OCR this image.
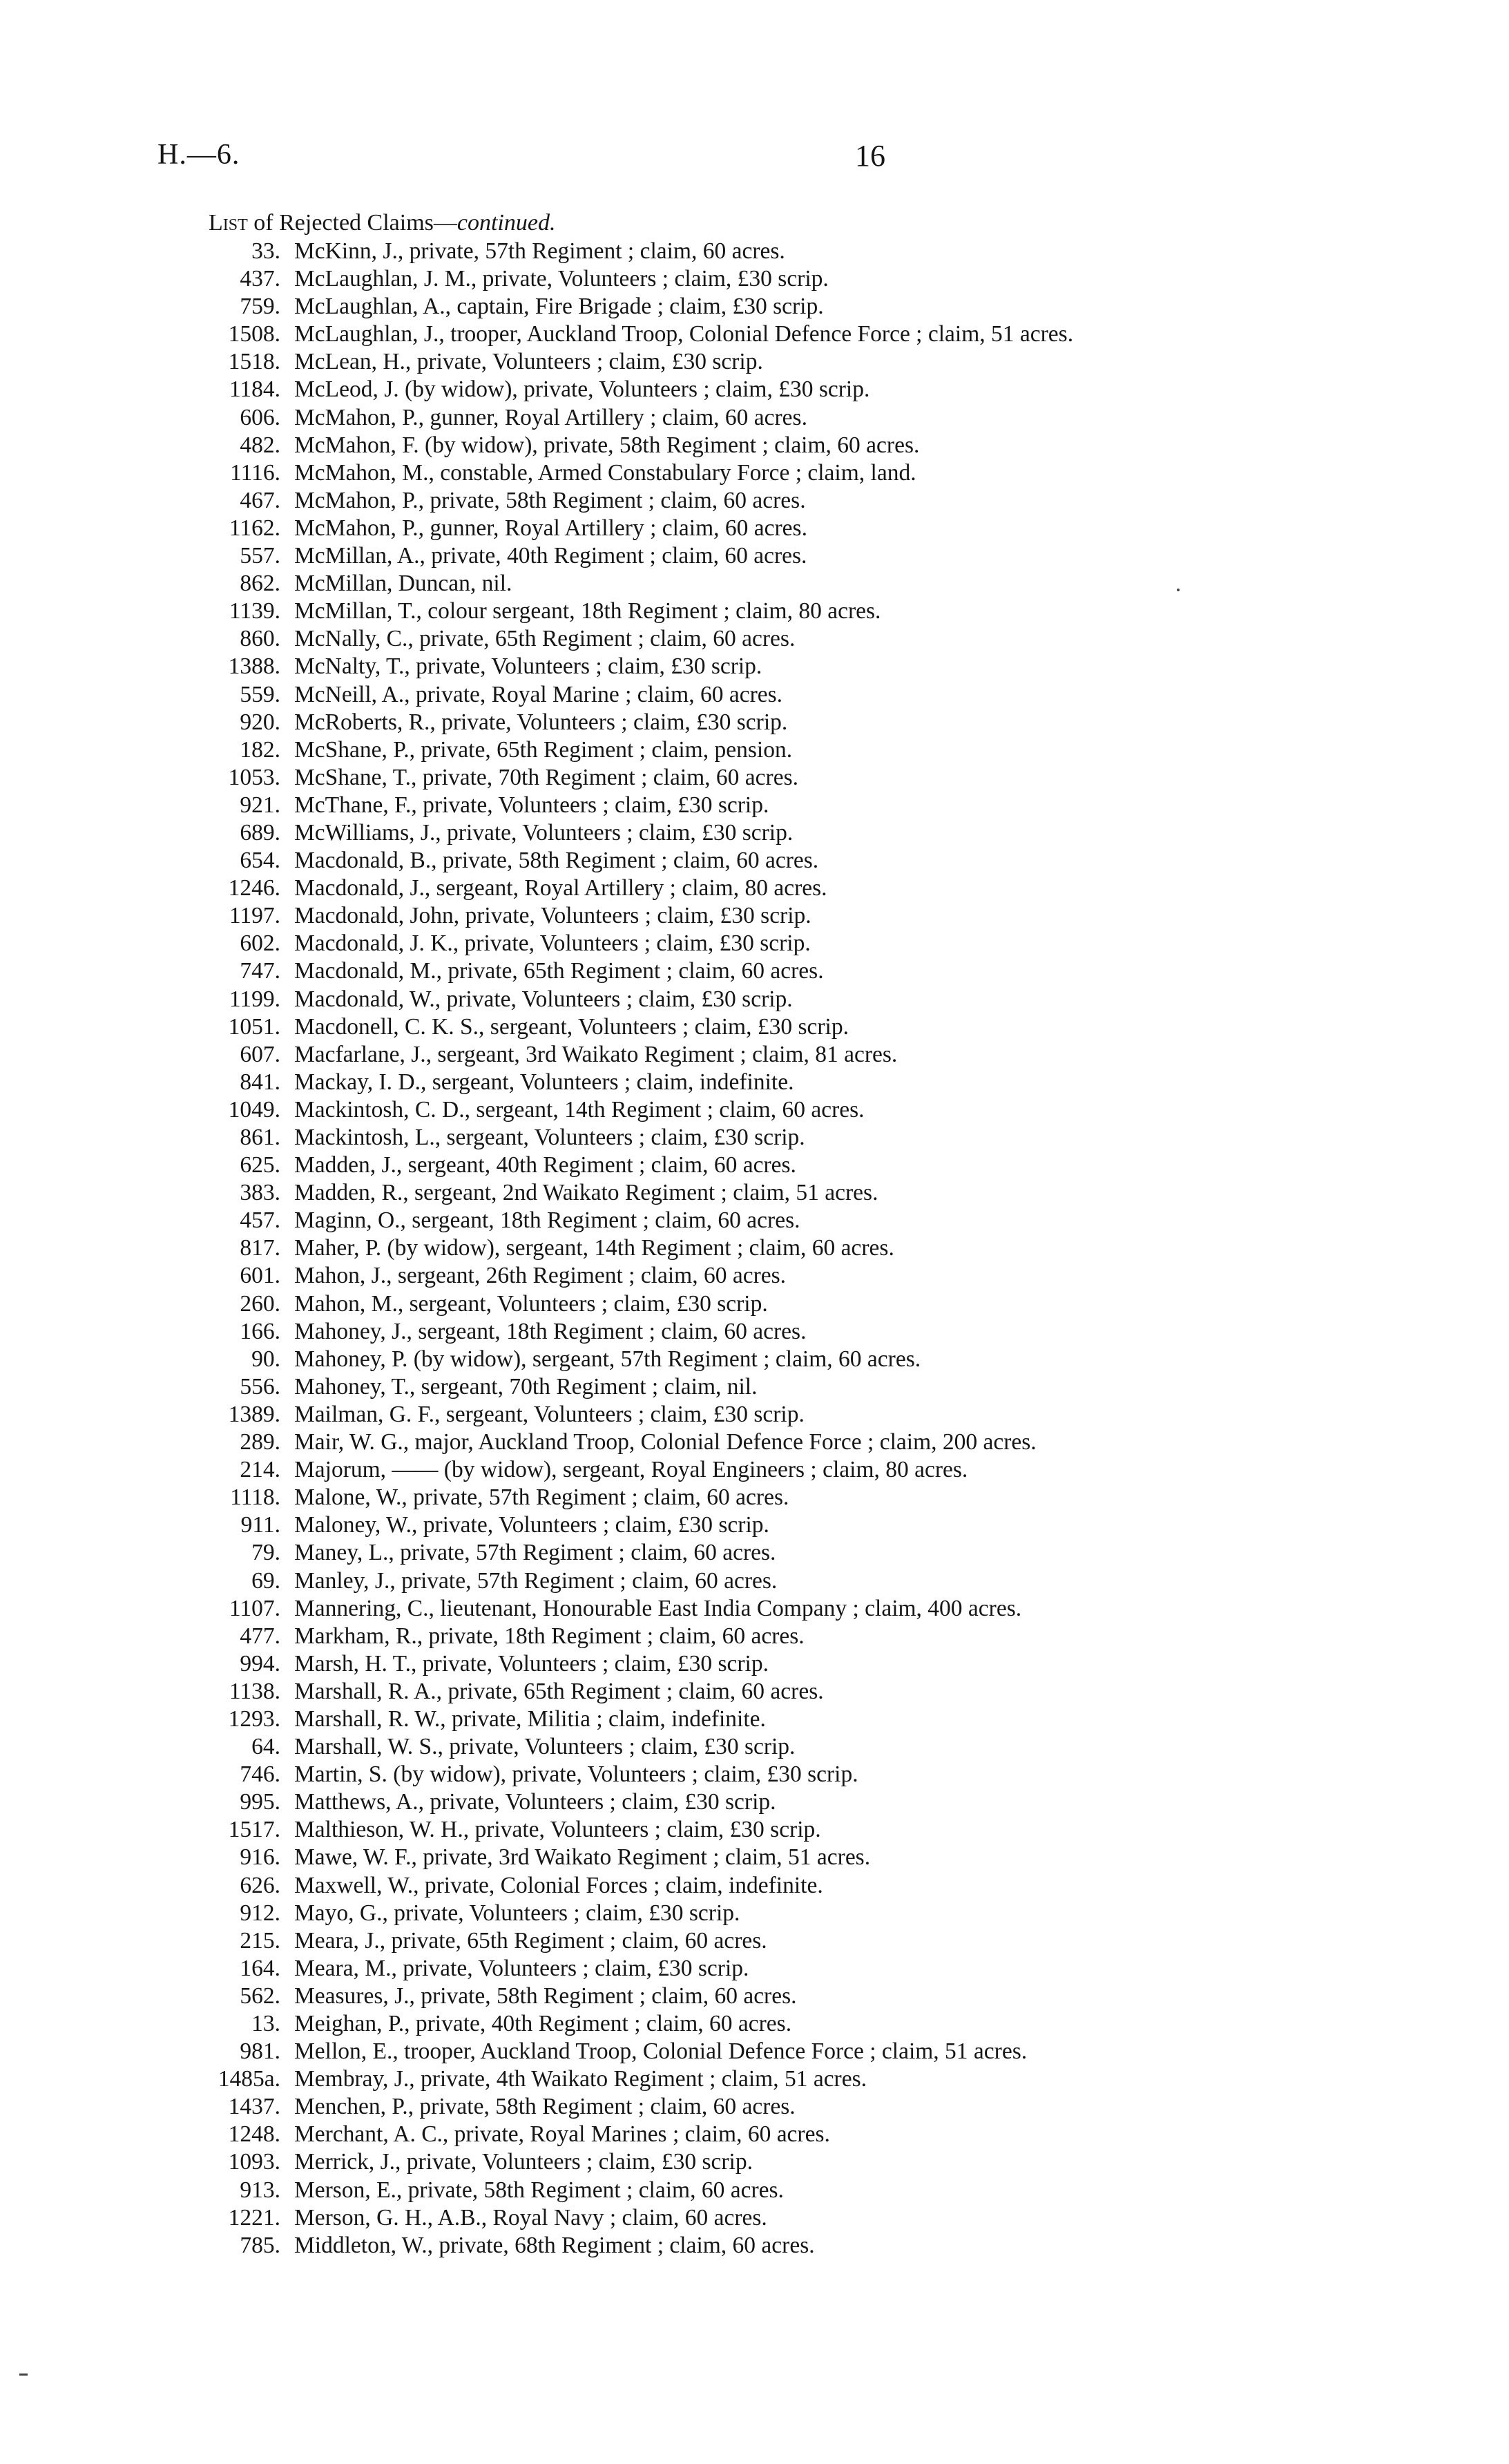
H.—6.	16
List of Rejected Claims—continued.
33. McKinn, J., private, 57th Regiment ; claim, 60 acres.
437. McLaughlan, J. M., private, Volunteers ; claim, £30 scrip.
759. McLaughlan, A., captain, Fire Brigade ; claim, £30 scrip.
1508. McLaughlan, J., trooper, Auckland Troop, Colonial Defence Force ; claim, 51 acres.
1518. McLean, H., private, Volunteers ; claim, £30 scrip.
1184. McLeod, J. (by widow), private, Volunteers ; claim, £30 scrip.
606. McMahon, P., gunner, Royal Artillery ; claim, 60 acres.
482. McMahon, F. (by widow), private, 58th Regiment ; claim, 60 acres.
1116. McMahon, M., constable, Armed Constabulary Force ; claim, land.
467. McMahon, P., private, 58th Regiment ; claim, 60 acres.
1162. McMahon, P., gunner, Royal Artillery ; claim, 60 acres.
557. McMillan, A., private, 40th Regiment ; claim, 60 acres.
862. McMillan, Duncan, nil.
1139. McMillan, T., colour sergeant, 18th Regiment ; claim, 80 acres.
860. McNally, C., private, 65th Regiment ; claim, 60 acres.
1388. McNalty, T., private, Volunteers ; claim, £30 scrip.
559. McNeill, A., private, Royal Marine ; claim, 60 acres.
920. McRoberts, R., private, Volunteers ; claim, £30 scrip.
182. McShane, P., private, 65th Regiment ; claim, pension.
1053. McShane, T., private, 70th Regiment ; claim, 60 acres.
921. McThane, F., private, Volunteers ; claim, £30 scrip.
689. McWilliams, J., private, Volunteers ; claim, £30 scrip.
654. Macdonald, B., private, 58th Regiment ; claim, 60 acres.
1246. Macdonald, J., sergeant, Royal Artillery ; claim, 80 acres.
1197. Macdonald, John, private, Volunteers ; claim, £30 scrip.
602. Macdonald, J. K., private, Volunteers ; claim, £30 scrip.
747. Macdonald, M., private, 65th Regiment ; claim, 60 acres.
1199. Macdonald, W., private, Volunteers ; claim, £30 scrip.
1051. Macdonell, C. K. S., sergeant, Volunteers ; claim, £30 scrip.
607. Macfarlane, J., sergeant, 3rd Waikato Regiment ; claim, 81 acres.
841. Mackay, I. D., sergeant, Volunteers ; claim, indefinite.
1049. Mackintosh, C. D., sergeant, 14th Regiment ; claim, 60 acres.
861. Mackintosh, L., sergeant, Volunteers ; claim, £30 scrip.
625. Madden, J., sergeant, 40th Regiment ; claim, 60 acres.
383. Madden, R., sergeant, 2nd Waikato Regiment ; claim, 51 acres.
457. Maginn, O., sergeant, 18th Regiment ; claim, 60 acres.
817. Maher, P. (by widow), sergeant, 14th Regiment ; claim, 60 acres.
601. Mahon, J., sergeant, 26th Regiment ; claim, 60 acres.
260. Mahon, M., sergeant, Volunteers ; claim, £30 scrip.
166. Mahoney, J., sergeant, 18th Regiment ; claim, 60 acres.
90. Mahoney, P. (by widow), sergeant, 57th Regiment ; claim, 60 acres.
556. Mahoney, T., sergeant, 70th Regiment ; claim, nil.
1389. Mailman, G. F., sergeant, Volunteers ; claim, £30 scrip.
289. Mair, W. G., major, Auckland Troop, Colonial Defence Force ; claim, 200 acres.
214. Majorum, —— (by widow), sergeant, Royal Engineers ; claim, 80 acres.
1118. Malone, W., private, 57th Regiment ; claim, 60 acres.
911. Maloney, W., private, Volunteers ; claim, £30 scrip.
79. Maney, L., private, 57th Regiment ; claim, 60 acres.
69. Manley, J., private, 57th Regiment ; claim, 60 acres.
1107. Mannering, C., lieutenant, Honourable East India Company ; claim, 400 acres.
477. Markham, R., private, 18th Regiment ; claim, 60 acres.
994. Marsh, H. T., private, Volunteers ; claim, £30 scrip.
1138. Marshall, R. A., private, 65th Regiment ; claim, 60 acres.
1293. Marshall, R. W., private, Militia ; claim, indefinite.
64. Marshall, W. S., private, Volunteers ; claim, £30 scrip.
746. Martin, S. (by widow), private, Volunteers ; claim, £30 scrip.
995. Matthews, A., private, Volunteers ; claim, £30 scrip.
1517. Malthieson, W. H., private, Volunteers ; claim, £30 scrip.
916. Mawe, W. F., private, 3rd Waikato Regiment ; claim, 51 acres.
626. Maxwell, W., private, Colonial Forces ; claim, indefinite.
912. Mayo, G., private, Volunteers ; claim, £30 scrip.
215. Meara, J., private, 65th Regiment ; claim, 60 acres.
164. Meara, M., private, Volunteers ; claim, £30 scrip.
562. Measures, J., private, 58th Regiment ; claim, 60 acres.
13. Meighan, P., private, 40th Regiment ; claim, 60 acres.
981. Mellon, E., trooper, Auckland Troop, Colonial Defence Force ; claim, 51 acres.
1485a. Membray, J., private, 4th Waikato Regiment ; claim, 51 acres.
1437. Menchen, P., private, 58th Regiment ; claim, 60 acres.
1248. Merchant, A. C., private, Royal Marines ; claim, 60 acres.
1093. Merrick, J., private, Volunteers ; claim, £30 scrip.
913. Merson, E., private, 58th Regiment ; claim, 60 acres.
1221. Merson, G. H., A.B., Royal Navy ; claim, 60 acres.
785. Middleton, W., private, 68th Regiment ; claim, 60 acres.
